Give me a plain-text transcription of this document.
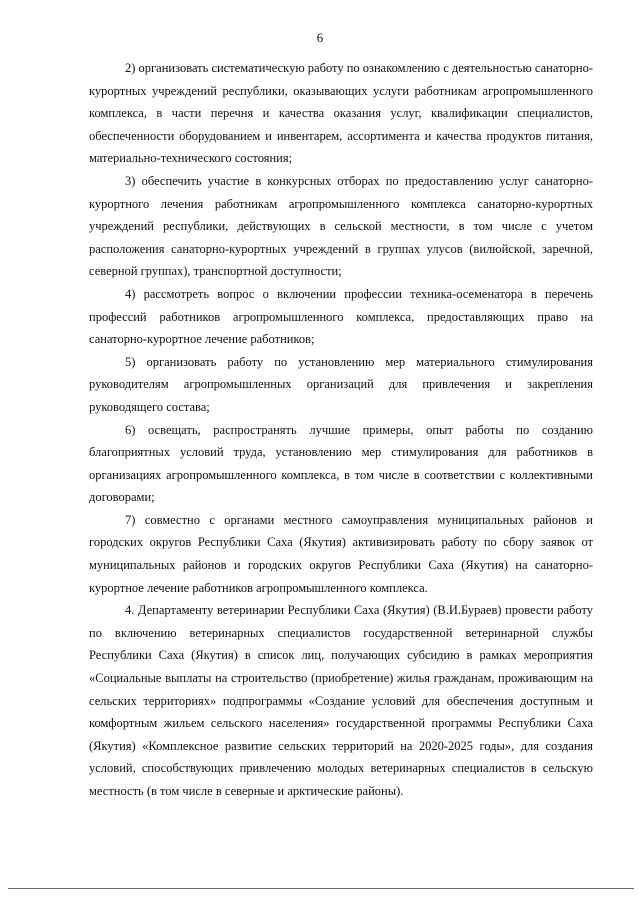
6

2) организовать систематическую работу по ознакомлению с деятельностью санаторно-курортных учреждений республики, оказывающих услуги работникам агропромышленного комплекса, в части перечня и качества оказания услуг, квалификации специалистов, обеспеченности оборудованием и инвентарем, ассортимента и качества продуктов питания, материально-технического состояния;

3) обеспечить участие в конкурсных отборах по предоставлению услуг санаторно-курортного лечения работникам агропромышленного комплекса санаторно-курортных учреждений республики, действующих в сельской местности, в том числе с учетом расположения санаторно-курортных учреждений в группах улусов (вилюйской, заречной, северной группах), транспортной доступности;

4) рассмотреть вопрос о включении профессии техника-осеменатора в перечень профессий работников агропромышленного комплекса, предоставляющих право на санаторно-курортное лечение работников;

5) организовать работу по установлению мер материального стимулирования руководителям агропромышленных организаций для привлечения и закрепления руководящего состава;

6) освещать, распространять лучшие примеры, опыт работы по созданию благоприятных условий труда, установлению мер стимулирования для работников в организациях агропромышленного комплекса, в том числе в соответствии с коллективными договорами;

7) совместно с органами местного самоуправления муниципальных районов и городских округов Республики Саха (Якутия) активизировать работу по сбору заявок от муниципальных районов и городских округов Республики Саха (Якутия) на санаторно-курортное лечение работников агропромышленного комплекса.

4. Департаменту ветеринарии Республики Саха (Якутия) (В.И.Бураев) провести работу по включению ветеринарных специалистов государственной ветеринарной службы Республики Саха (Якутия) в список лиц, получающих субсидию в рамках мероприятия «Социальные выплаты на строительство (приобретение) жилья гражданам, проживающим на сельских территориях» подпрограммы «Создание условий для обеспечения доступным и комфортным жильем сельского населения» государственной программы Республики Саха (Якутия) «Комплексное развитие сельских территорий на 2020-2025 годы», для создания условий, способствующих привлечению молодых ветеринарных специалистов в сельскую местность (в том числе в северные и арктические районы).
